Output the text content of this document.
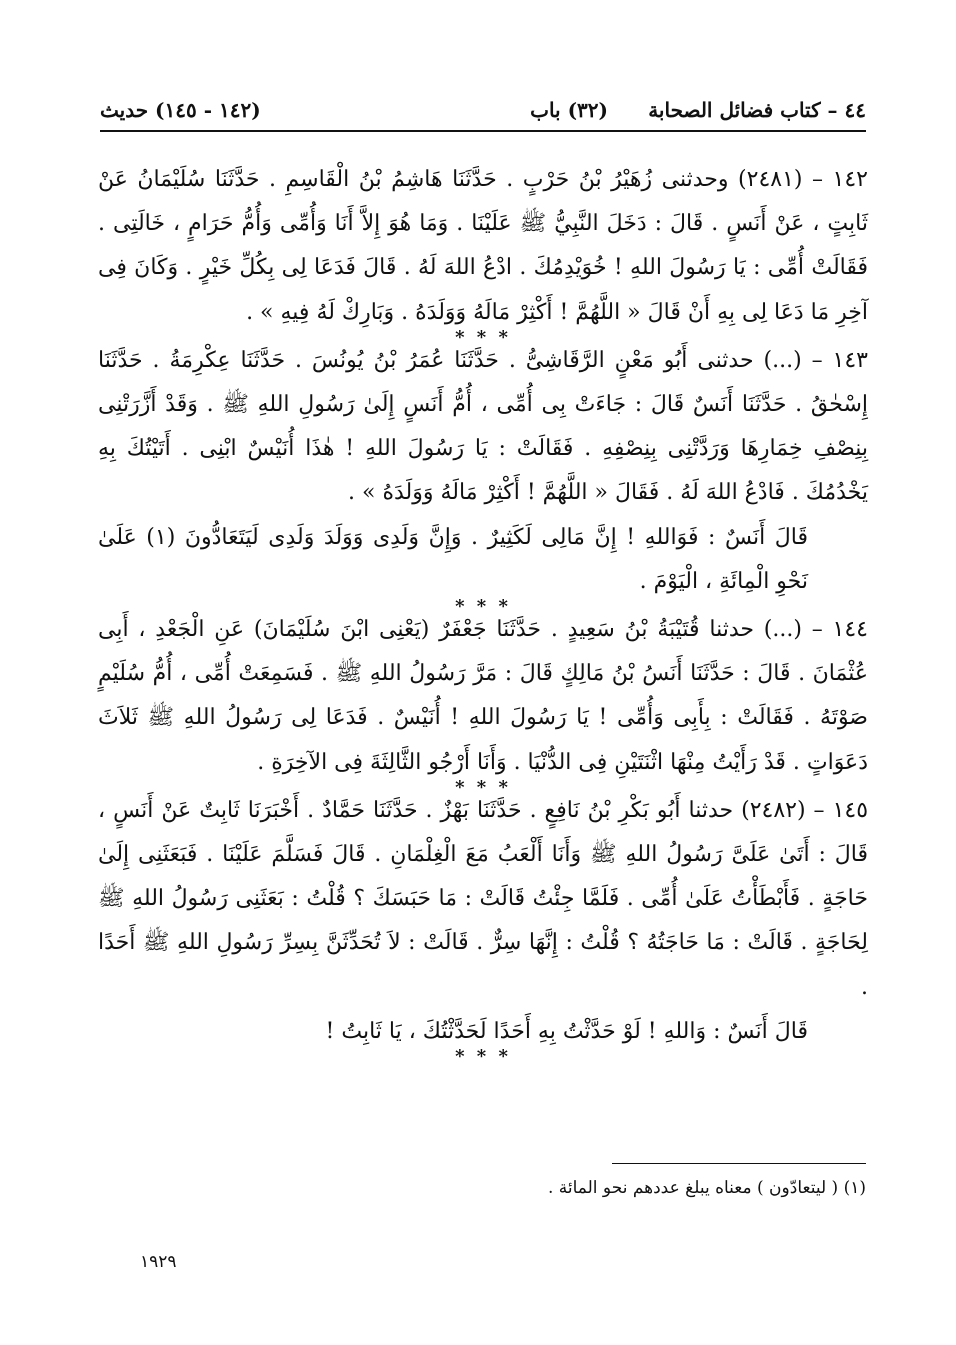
٤٤ – كتاب فضائل الصحابة
(٣٢) باب
(١٤٢ - ١٤٥) حديث

١٤٢ – (٢٤٨١) وحدثنى زُهَيْرُ بْنُ حَرْبٍ . حَدَّثَنَا هَاشِمُ بْنُ الْقَاسِمِ . حَدَّثَنَا سُلَيْمَانُ عَنْ ثَابِتٍ ، عَنْ أَنَسٍ . قَالَ : دَخَلَ النَّبِيُّ ﷺ عَلَيْنَا . وَمَا هُوَ إِلاَّ أَنَا وَأُمِّى وَأُمُّ حَرَامٍ ، خَالَتِى . فَقَالَتْ أُمِّى : يَا رَسُولَ اللهِ ! خُوَيْدِمُكَ . ادْعُ اللهَ لَهُ . قَالَ فَدَعَا لِى بِكُلِّ خَيْرٍ . وَكَانَ فِى آخِرِ مَا دَعَا لِى بِهِ أَنْ قَالَ « اللَّهُمَّ ! أَكْثِرْ مَالَهُ وَوَلَدَهُ . وَبَارِكْ لَهُ فِيهِ » .

* * *

١٤٣ – (...) حدثنى أَبُو مَعْنٍ الرَّقَاشِىُّ . حَدَّثَنَا عُمَرُ بْنُ يُونُسَ . حَدَّثَنَا عِكْرِمَةُ . حَدَّثَنَا إِسْحٰقُ . حَدَّثَنَا أَنَسٌ قَالَ : جَاءَتْ بِى أُمِّى ، أُمُّ أَنَسٍ إِلَىٰ رَسُولِ اللهِ ﷺ . وَقَدْ أَزَّرَتْنِى بِنِصْفِ خِمَارِهَا وَرَدَّتْنِى بِنِصْفِهِ . فَقَالَتْ : يَا رَسُولَ اللهِ ! هٰذَا أُنَيْسٌ ابْنِى . أَتَيْتُكَ بِهِ يَخْدُمُكَ . فَادْعُ اللهَ لَهُ . فَقَالَ « اللَّهُمَّ ! أَكْثِرْ مَالَهُ وَوَلَدَهُ » .

قَالَ أَنَسٌ : فَوَاللهِ ! إِنَّ مَالِى لَكَثِيرٌ . وَإِنَّ وَلَدِى وَوَلَدَ وَلَدِى لَيَتَعَادُّونَ (١) عَلَىٰ نَحْوِ الْمِائَةِ ، الْيَوْمَ .

* * *

١٤٤ – (...) حدثنا قُتَيْبَةُ بْنُ سَعِيدٍ . حَدَّثَنَا جَعْفَرٌ (يَعْنِى ابْنَ سُلَيْمَانَ) عَنِ الْجَعْدِ ، أَبِى عُثْمَانَ . قَالَ : حَدَّثَنَا أَنَسُ بْنُ مَالِكٍ قَالَ : مَرَّ رَسُولُ اللهِ ﷺ . فَسَمِعَتْ أُمِّى ، أُمُّ سُلَيْمٍ صَوْتَهُ . فَقَالَتْ : بِأَبِى وَأُمِّى ! يَا رَسُولَ اللهِ ! أُنَيْسٌ . فَدَعَا لِى رَسُولُ اللهِ ﷺ ثَلاَثَ دَعَوَاتٍ . قَدْ رَأَيْتُ مِنْهَا اثْنَتَيْنِ فِى الدُّنْيَا . وَأَنَا أَرْجُو الثَّالِثَةَ فِى الآخِرَةِ .

* * *

١٤٥ – (٢٤٨٢) حدثنا أَبُو بَكْرِ بْنُ نَافِعٍ . حَدَّثَنَا بَهْزٌ . حَدَّثَنَا حَمَّادٌ . أَخْبَرَنَا ثَابِتٌ عَنْ أَنَسٍ ، قَالَ : أَتَىٰ عَلَىَّ رَسُولُ اللهِ ﷺ وَأَنَا أَلْعَبُ مَعَ الْغِلْمَانِ . قَالَ فَسَلَّمَ عَلَيْنَا . فَبَعَثَنِى إِلَىٰ حَاجَةٍ . فَأَبْطَأْتُ عَلَىٰ أُمِّى . فَلَمَّا جِئْتُ قَالَتْ : مَا حَبَسَكَ ؟ قُلْتُ : بَعَثَنِى رَسُولُ اللهِ ﷺ لِحَاجَةٍ . قَالَتْ : مَا حَاجَتُهُ ؟ قُلْتُ : إِنَّهَا سِرٌّ . قَالَتْ : لاَ تُحَدِّثَنَّ بِسِرِّ رَسُولِ اللهِ ﷺ أَحَدًا .

قَالَ أَنَسٌ : وَاللهِ ! لَوْ حَدَّثْتُ بِهِ أَحَدًا لَحَدَّثْتُكَ ، يَا ثَابِتُ !

* * *

(١) ( ليتعادّون ) معناه يبلغ عددهم نحو المائة .
١٩٢٩
